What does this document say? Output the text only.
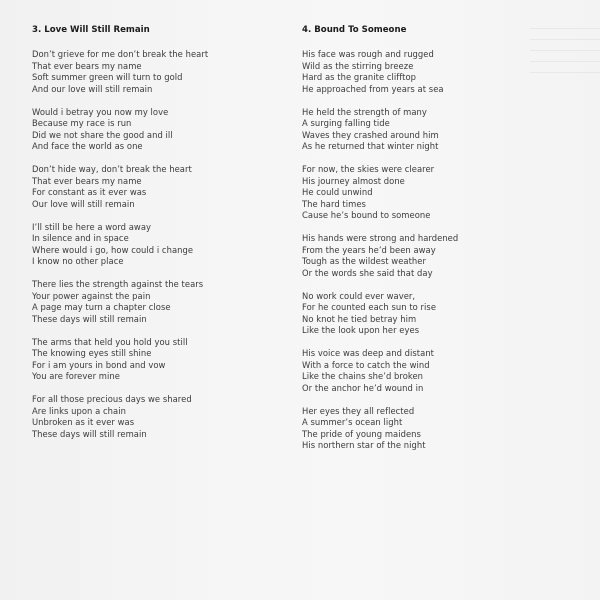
3. Love Will Still Remain
Don’t grieve for me don’t break the heart
That ever bears my name
Soft summer green will turn to gold
And our love will still remain
Would i betray you now my love
Because my race is run
Did we not share the good and ill
And face the world as one
Don’t hide way, don’t break the heart
That ever bears my name
For constant as it ever was
Our love will still remain
I’ll still be here a word away
In silence and in space
Where would i go, how could i change
I know no other place
There lies the strength against the tears
Your power against the pain
A page may turn a chapter close
These days will still remain
The arms that held you hold you still
The knowing eyes still shine
For i am yours in bond and vow
You are forever mine
For all those precious days we shared
Are links upon a chain
Unbroken as it ever was
These days will still remain
4. Bound To Someone
His face was rough and rugged
Wild as the stirring breeze
Hard as the granite clifftop
He approached from years at sea
He held the strength of many
A surging falling tide
Waves they crashed around him
As he returned that winter night
For now, the skies were clearer
His journey almost done
He could unwind
The hard times
Cause he’s bound to someone
His hands were strong and hardened
From the years he’d been away
Tough as the wildest weather
Or the words she said that day
No work could ever waver,
For he counted each sun to rise
No knot he tied betray him
Like the look upon her eyes
His voice was deep and distant
With a force to catch the wind
Like the chains she’d broken
Or the anchor he’d wound in
Her eyes they all reflected
A summer’s ocean light
The pride of young maidens
His northern star of the night
